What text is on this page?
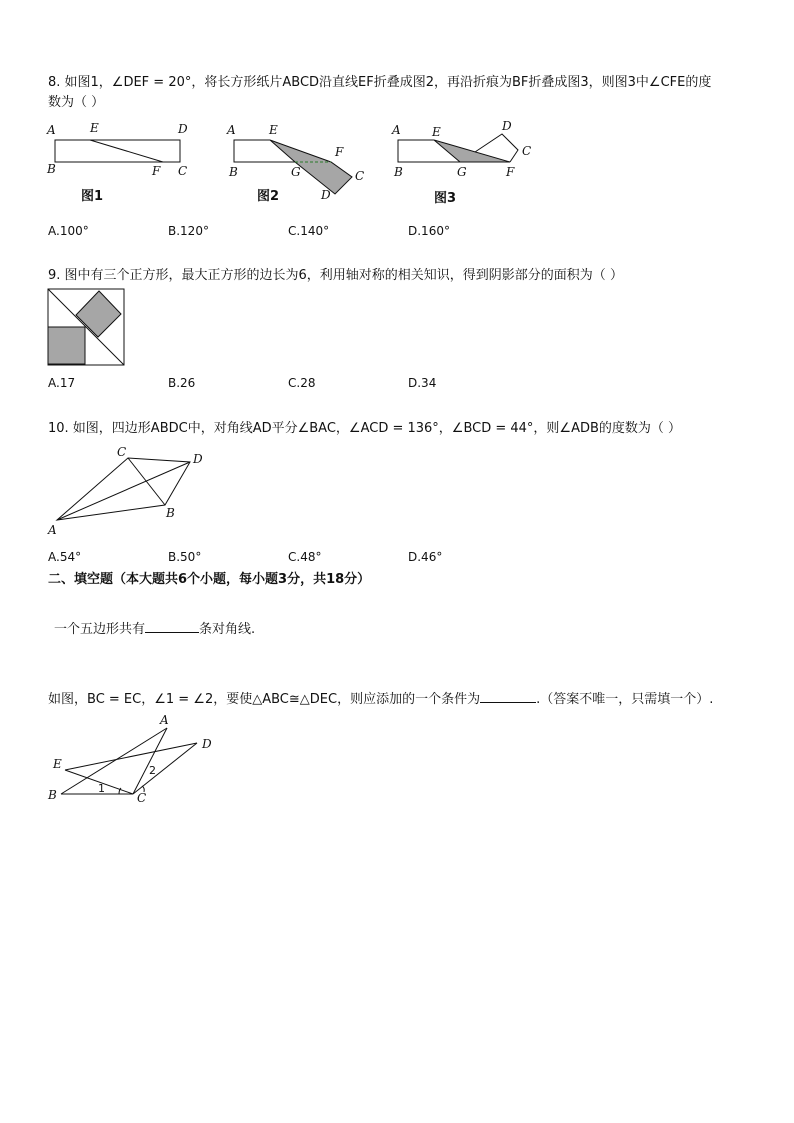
8. 如图1，∠DEF = 20°，将长方形纸片ABCD沿直线EF折叠成图2，再沿折痕为BF折叠成图3，则图3中∠CFE的度
数为（ ）
A	E	D
B	F C
图1
A	E
F
B	G	C
D
图2
A	E	D
C
B	G	F
图3
A.100°	B.120°	C.140°	D.160°
9. 图中有三个正方形，最大正方形的边长为6，利用轴对称的相关知识，得到阴影部分的面积为（ ）
A.17	B.26	C.28	D.34
10. 如图，四边形ABDC中，对角线AD平分∠BAC，∠ACD = 136°，∠BCD = 44°，则∠ADB的度数为（ ）
C	D
B
A
A.54°	B.50°	C.48°	D.46°
二、填空题（本大题共6个小题，每小题3分，共18分）
一个五边形共有	条对角线.
如图，BC = EC，∠1 = ∠2，要使△ABC≅△DEC，则应添加的一个条件为	.（答案不唯一，只需填一个）.
A
D
E	2
B	1
C
